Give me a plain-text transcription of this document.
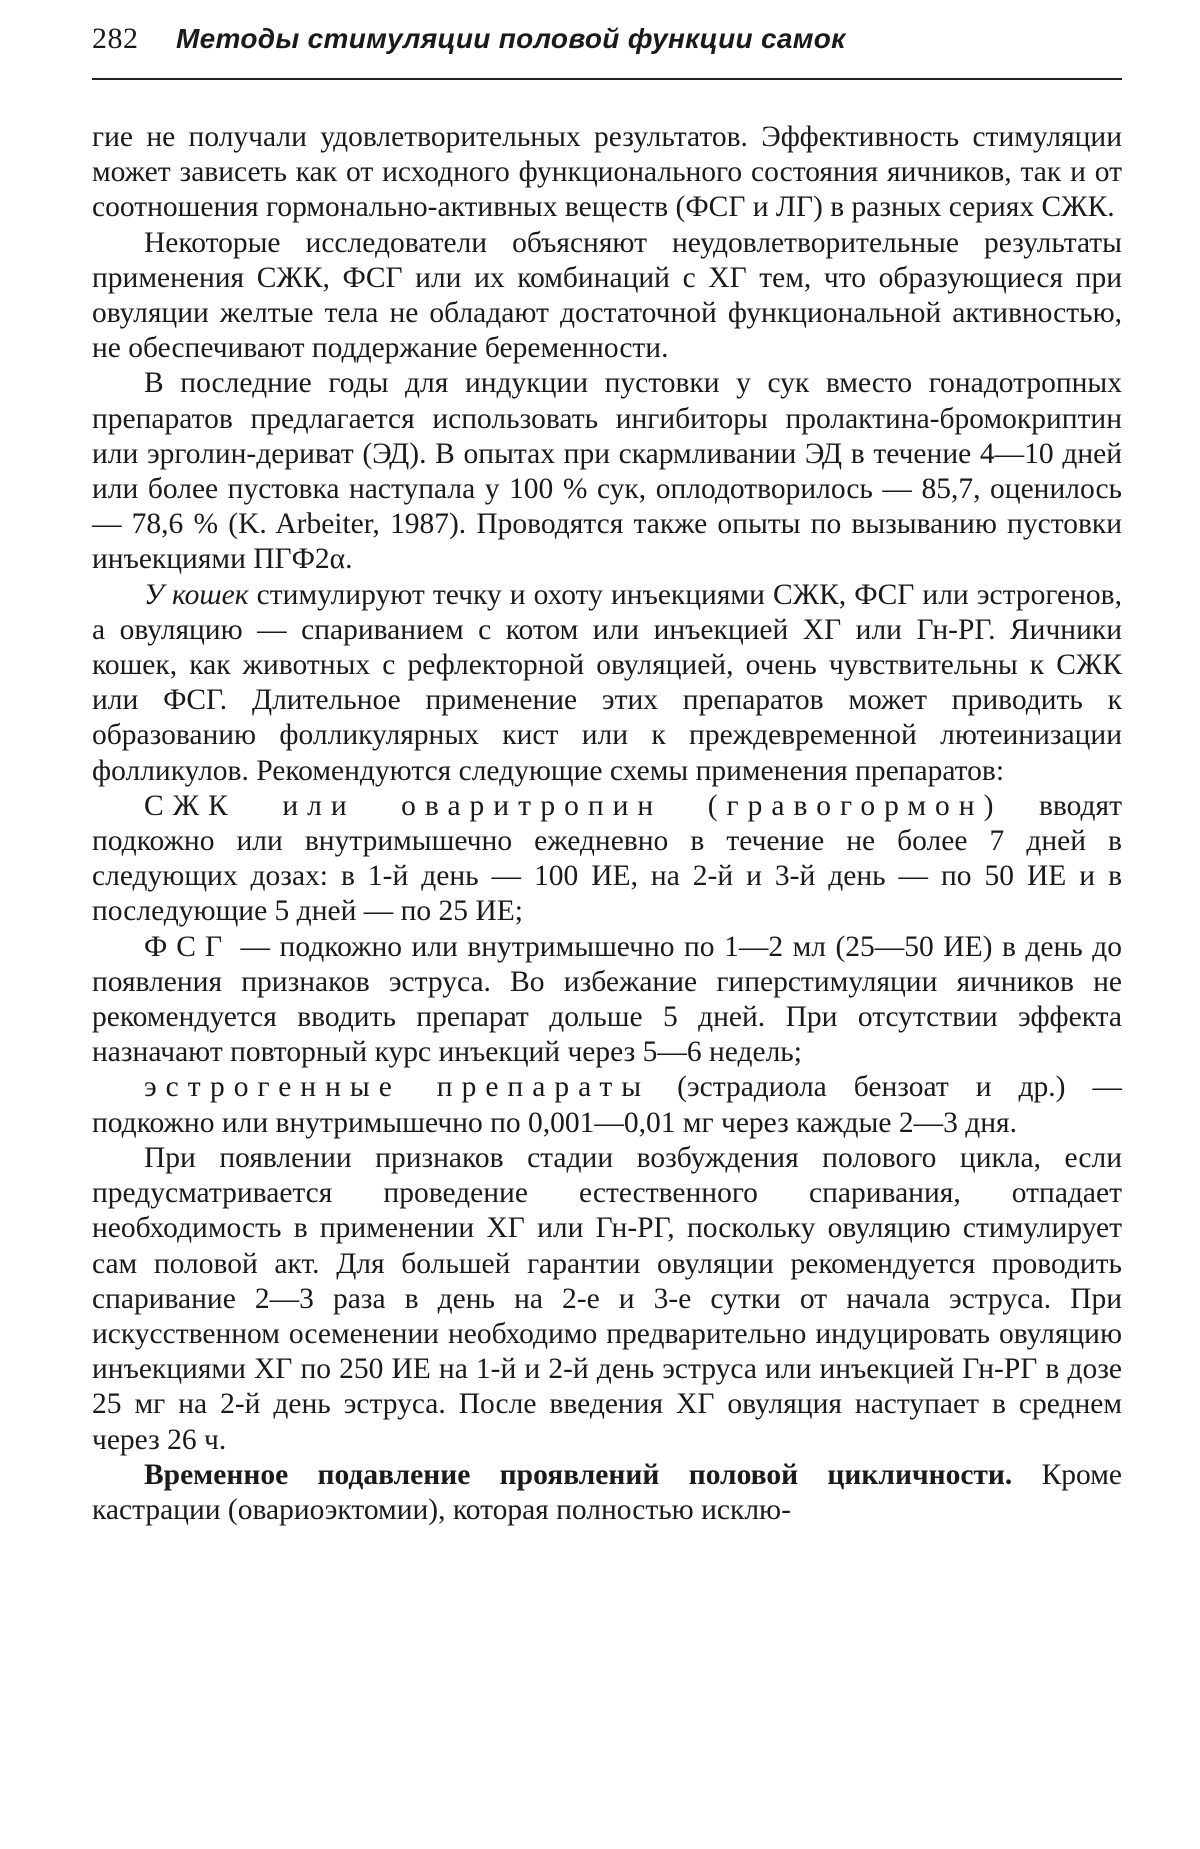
282	Методы стимуляции половой функции самок

гие не получали удовлетворительных результатов. Эффективность стимуляции может зависеть как от исходного функционального состояния яичников, так и от соотношения гормонально-активных веществ (ФСГ и ЛГ) в разных сериях СЖК.

Некоторые исследователи объясняют неудовлетворительные результаты применения СЖК, ФСГ или их комбинаций с ХГ тем, что образующиеся при овуляции желтые тела не обладают достаточной функциональной активностью, не обеспечивают поддержание беременности.

В последние годы для индукции пустовки у сук вместо гонадотропных препаратов предлагается использовать ингибиторы пролактина-бромокриптин или эрголин-дериват (ЭД). В опытах при скармливании ЭД в течение 4—10 дней или более пустовка наступала у 100 % сук, оплодотворилось — 85,7, оценилось — 78,6 % (K. Arbeiter, 1987). Проводятся также опыты по вызыванию пустовки инъекциями ПГФ2α.

У кошек стимулируют течку и охоту инъекциями СЖК, ФСГ или эстрогенов, а овуляцию — спариванием с котом или инъекцией ХГ или Гн-РГ. Яичники кошек, как животных с рефлекторной овуляцией, очень чувствительны к СЖК или ФСГ. Длительное применение этих препаратов может приводить к образованию фолликулярных кист или к преждевременной лютеинизации фолликулов. Рекомендуются следующие схемы применения препаратов:

СЖК или оваритропин (гравогормон) вводят подкожно или внутримышечно ежедневно в течение не более 7 дней в следующих дозах: в 1-й день — 100 ИЕ, на 2-й и 3-й день — по 50 ИЕ и в последующие 5 дней — по 25 ИЕ;

ФСГ — подкожно или внутримышечно по 1—2 мл (25—50 ИЕ) в день до появления признаков эструса. Во избежание гиперстимуляции яичников не рекомендуется вводить препарат дольше 5 дней. При отсутствии эффекта назначают повторный курс инъекций через 5—6 недель;

эстрогенные препараты (эстрадиола бензоат и др.) — подкожно или внутримышечно по 0,001—0,01 мг через каждые 2—3 дня.

При появлении признаков стадии возбуждения полового цикла, если предусматривается проведение естественного спаривания, отпадает необходимость в применении ХГ или Гн-РГ, поскольку овуляцию стимулирует сам половой акт. Для большей гарантии овуляции рекомендуется проводить спаривание 2—3 раза в день на 2-е и 3-е сутки от начала эструса. При искусственном осеменении необходимо предварительно индуцировать овуляцию инъекциями ХГ по 250 ИЕ на 1-й и 2-й день эструса или инъекцией Гн-РГ в дозе 25 мг на 2-й день эструса. После введения ХГ овуляция наступает в среднем через 26 ч.

Временное подавление проявлений половой цикличности. Кроме кастрации (овариоэктомии), которая полностью исклю-
